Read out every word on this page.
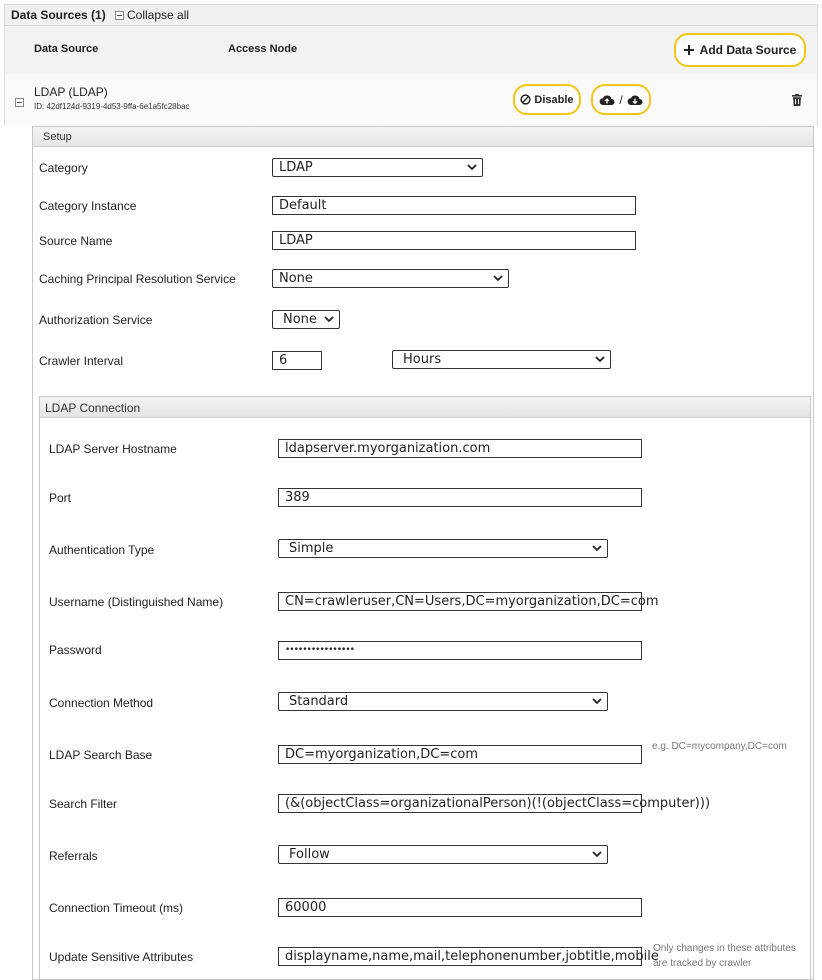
Data Sources (1) Collapse all
Data Source	Access Node	Add Data Source
LDAP (LDAP)
ID: 42df124d-9319-4d53-9ffa-6e1a5fc28bac
Disable	/
Setup
Category	LDAP
Category Instance	Default
Source Name	LDAP
Caching Principal Resolution Service	None
Authorization Service	None
Crawler Interval	6	Hours
LDAP Connection
LDAP Server Hostname	ldapserver.myorganization.com
Port	389
Authentication Type	Simple
Username (Distinguished Name)	CN=crawleruser,CN=Users,DC=myorganization,DC=com
Password	••••••••••••••••
Connection Method	Standard
LDAP Search Base	DC=myorganization,DC=com
e.g. DC=mycompany,DC=com
Search Filter	(&(objectClass=organizationalPerson)(!(objectClass=computer)))
Referrals	Follow
Connection Timeout (ms)	60000
Update Sensitive Attributes	displayname,name,mail,telephonenumber,jobtitle,mobile
Only changes in these attributes
are tracked by crawler
